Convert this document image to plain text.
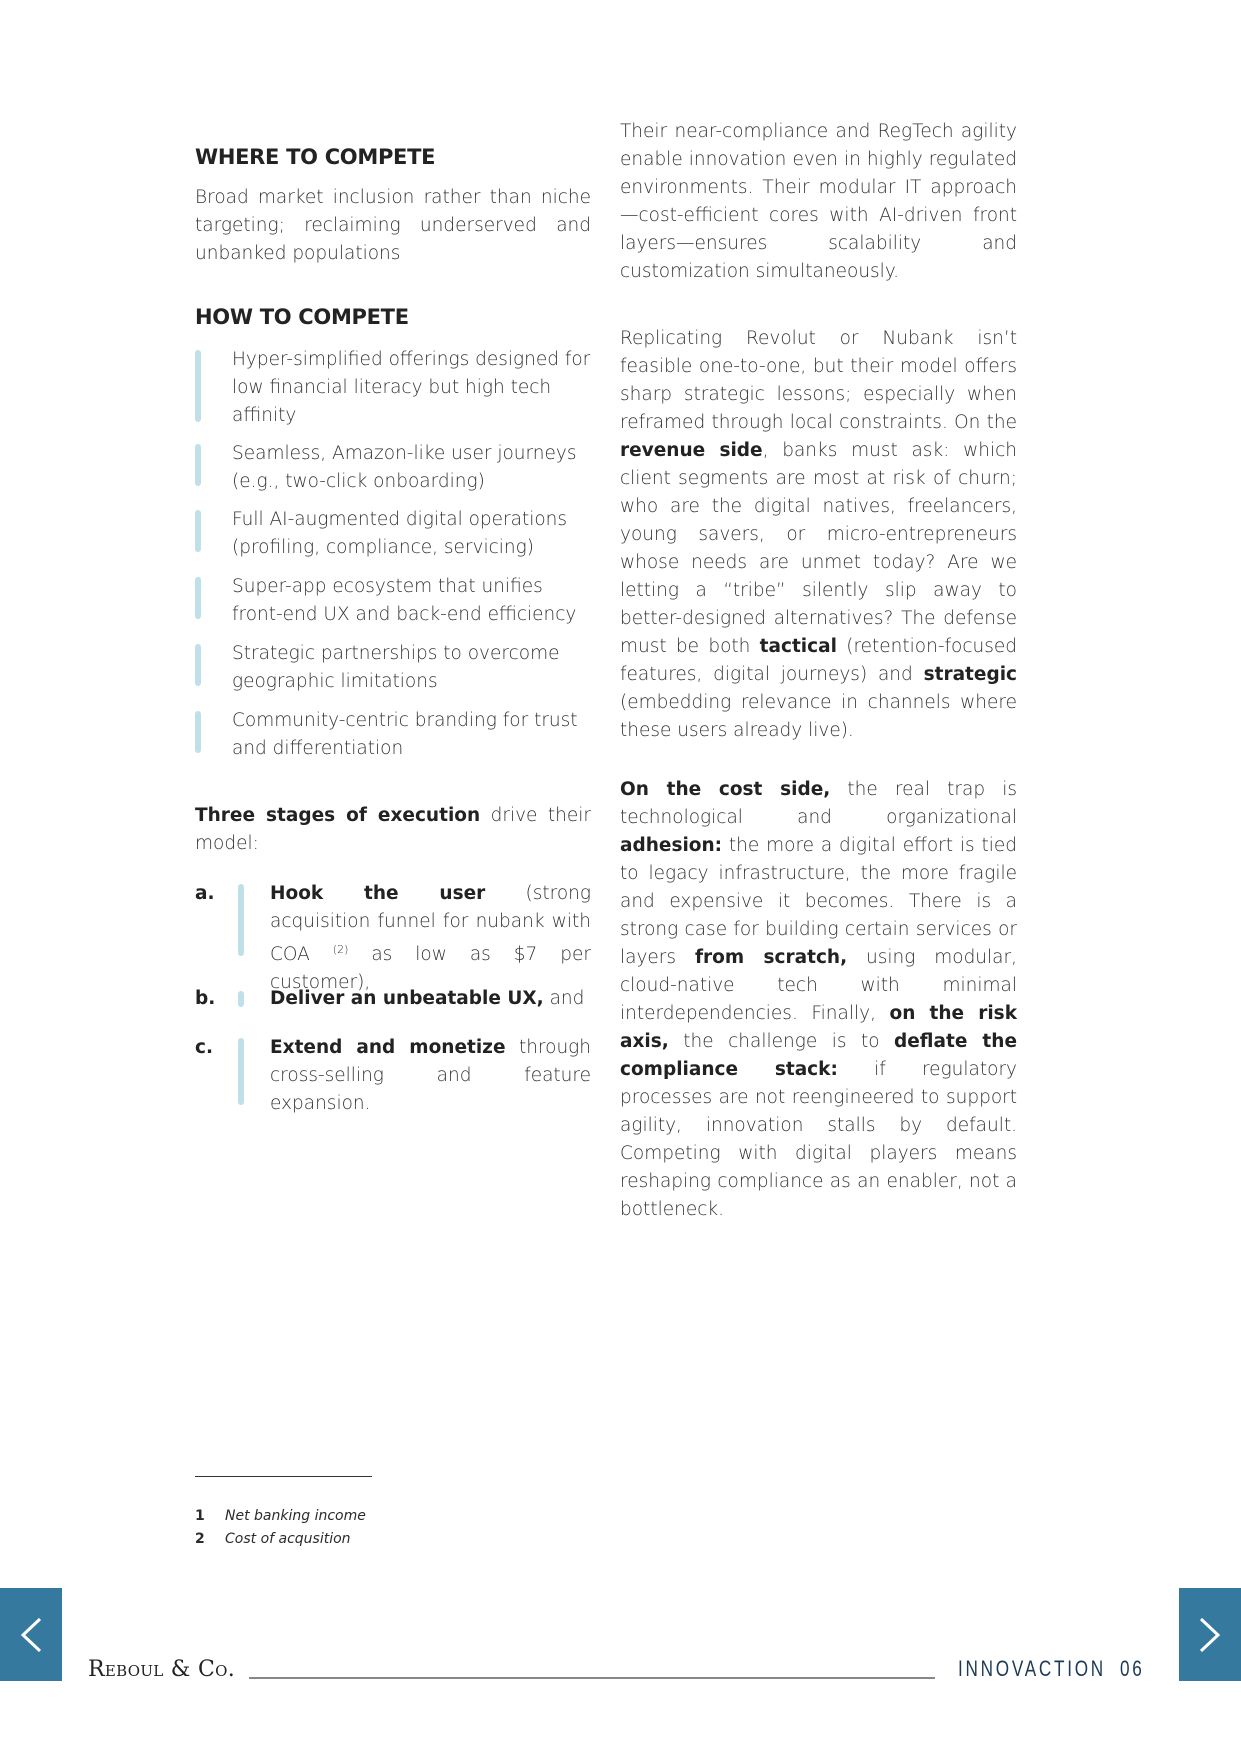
WHERE TO COMPETE

Broad market inclusion rather than niche targeting; reclaiming underserved and unbanked populations

HOW TO COMPETE
Hyper-simplified offerings designed for low financial literacy but high tech affinity
Seamless, Amazon-like user journeys (e.g., two-click onboarding)
Full AI-augmented digital operations (profiling, compliance, servicing)
Super-app ecosystem that unifies front-end UX and back-end efficiency
Strategic partnerships to overcome geographic limitations
Community-centric branding for trust and differentiation

Three stages of execution drive their model:

a.	Hook the user (strong acquisition funnel for nubank with COA $^{(2)}$ as low as $7 per customer),
b.	Deliver an unbeatable UX, and
c.	Extend and monetize through cross-selling and feature expansion.

Their near-compliance and RegTech agility enable innovation even in highly regulated environments. Their modular IT approach—cost-efficient cores with AI-driven front layers—ensures scalability and customization simultaneously.

Replicating Revolut or Nubank isn’t feasible one-to-one, but their model offers sharp strategic lessons; especially when reframed through local constraints. On the revenue side, banks must ask: which client segments are most at risk of churn; who are the digital natives, freelancers, young savers, or micro-entrepreneurs whose needs are unmet today? Are we letting a “tribe” silently slip away to better-designed alternatives? The defense must be both tactical (retention-focused features, digital journeys) and strategic (embedding relevance in channels where these users already live).

On the cost side, the real trap is technological and organizational adhesion: the more a digital effort is tied to legacy infrastructure, the more fragile and expensive it becomes. There is a strong case for building certain services or layers from scratch, using modular, cloud-native tech with minimal interdependencies. Finally, on the risk axis, the challenge is to deflate the compliance stack: if regulatory processes are not reengineered to support agility, innovation stalls by default. Competing with digital players means reshaping compliance as an enabler, not a bottleneck.

1 Net banking income
2 Cost of acqusition
Reboul & Co.	INNOVACTION 06
